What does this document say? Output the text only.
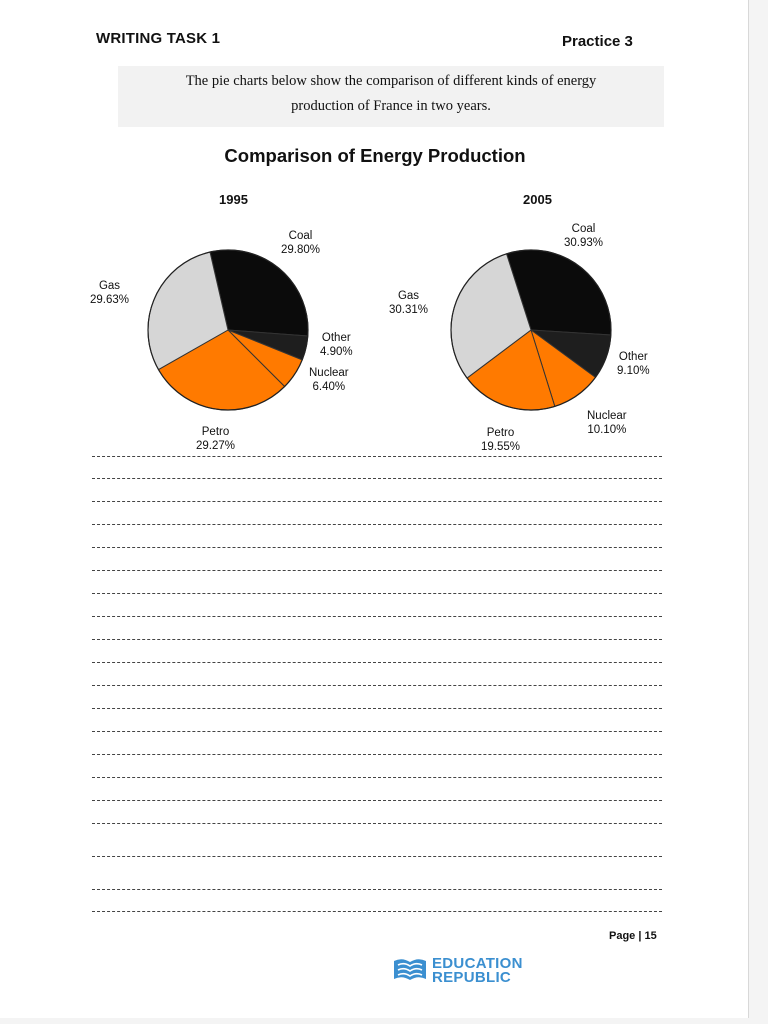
WRITING TASK 1	Practice 3
The pie charts below show the comparison of different kinds of energy
production of France in two years.
Comparison of Energy Production
1995	2005
Coal
29.80%
Other
4.90%
Nuclear
6.40%
Petro
29.27%
Gas
29.63%
Coal
30.93%
Other
9.10%
Nuclear
10.10%
Petro
19.55%
Gas
30.31%
Page | 15
EDUCATION
REPUBLIC
